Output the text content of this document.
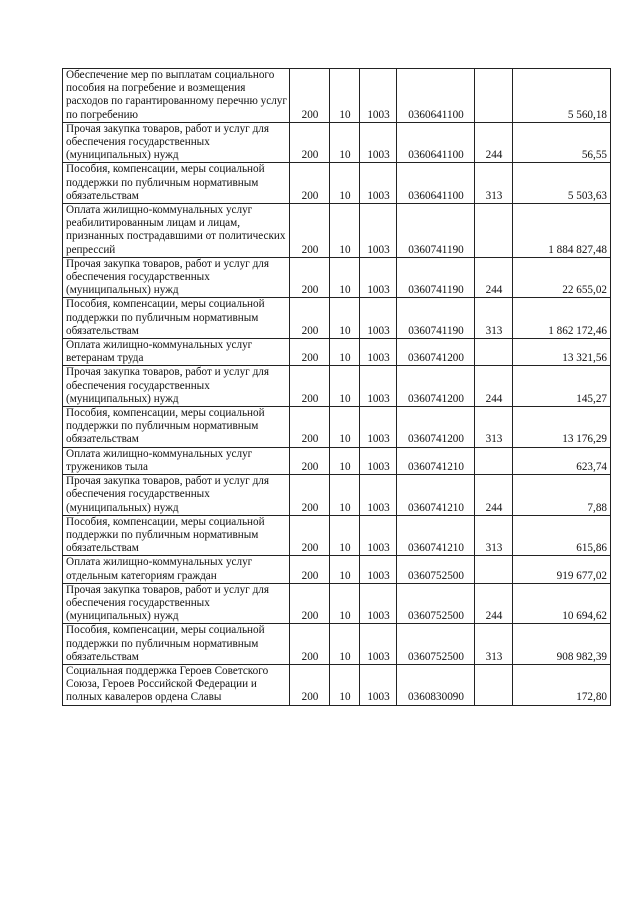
Обеспечение мер по выплатам социального пособия на погребение и возмещения расходов по гарантированному перечню услуг по погребению	200	10	1003	0360641100		5 560,18
Прочая закупка товаров, работ и услуг для обеспечения государственных (муниципальных) нужд	200	10	1003	0360641100	244	56,55
Пособия, компенсации, меры социальной поддержки по публичным нормативным обязательствам	200	10	1003	0360641100	313	5 503,63
Оплата жилищно-коммунальных услуг реабилитированным лицам и лицам, признанных пострадавшими от политических репрессий	200	10	1003	0360741190		1 884 827,48
Прочая закупка товаров, работ и услуг для обеспечения государственных (муниципальных) нужд	200	10	1003	0360741190	244	22 655,02
Пособия, компенсации, меры социальной поддержки по публичным нормативным обязательствам	200	10	1003	0360741190	313	1 862 172,46
Оплата жилищно-коммунальных услуг ветеранам труда	200	10	1003	0360741200		13 321,56
Прочая закупка товаров, работ и услуг для обеспечения государственных (муниципальных) нужд	200	10	1003	0360741200	244	145,27
Пособия, компенсации, меры социальной поддержки по публичным нормативным обязательствам	200	10	1003	0360741200	313	13 176,29
Оплата жилищно-коммунальных услуг тружеников тыла	200	10	1003	0360741210		623,74
Прочая закупка товаров, работ и услуг для обеспечения государственных (муниципальных) нужд	200	10	1003	0360741210	244	7,88
Пособия, компенсации, меры социальной поддержки по публичным нормативным обязательствам	200	10	1003	0360741210	313	615,86
Оплата жилищно-коммунальных услуг отдельным категориям граждан	200	10	1003	0360752500		919 677,02
Прочая закупка товаров, работ и услуг для обеспечения государственных (муниципальных) нужд	200	10	1003	0360752500	244	10 694,62
Пособия, компенсации, меры социальной поддержки по публичным нормативным обязательствам	200	10	1003	0360752500	313	908 982,39
Социальная поддержка Героев Советского Союза, Героев Российской Федерации и полных кавалеров ордена Славы	200	10	1003	0360830090		172,80
